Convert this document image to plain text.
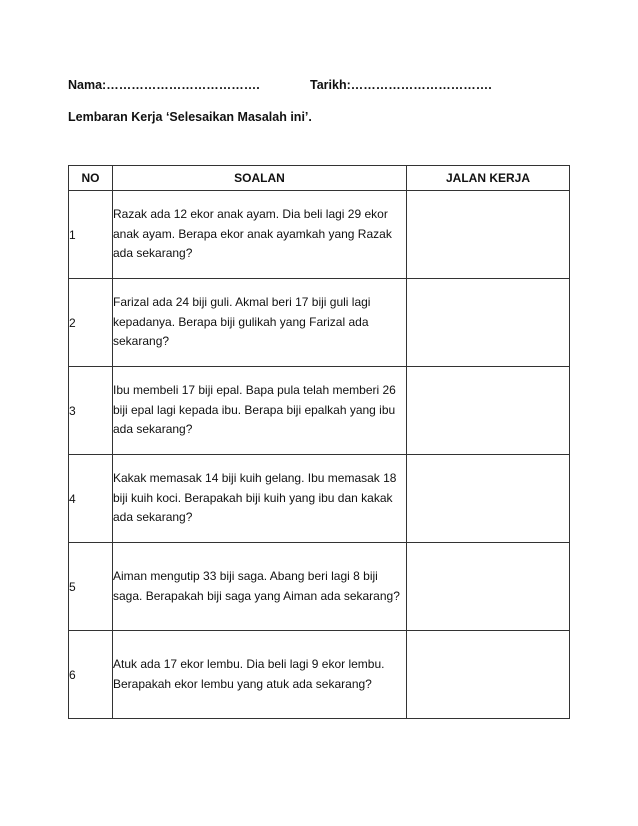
Nama:……………………………….	Tarikh:…………………………….
Lembaran Kerja ‘Selesaikan Masalah ini’.
NO	SOALAN	JALAN KERJA
1	Razak ada 12 ekor anak ayam. Dia beli lagi 29 ekor anak ayam. Berapa ekor anak ayamkah yang Razak ada sekarang?	
2	Farizal ada 24 biji guli. Akmal beri 17 biji guli lagi kepadanya. Berapa biji gulikah yang Farizal ada sekarang?	
3	Ibu membeli 17 biji epal. Bapa pula telah memberi 26 biji epal lagi kepada ibu. Berapa biji epalkah yang ibu ada sekarang?	
4	Kakak memasak 14 biji kuih gelang. Ibu memasak 18 biji kuih koci. Berapakah biji kuih yang ibu dan kakak ada sekarang?	
5	Aiman mengutip 33 biji saga. Abang beri lagi 8 biji saga. Berapakah biji saga yang Aiman ada sekarang?	
6	Atuk ada 17 ekor lembu. Dia beli lagi 9 ekor lembu. Berapakah ekor lembu yang atuk ada sekarang?	
